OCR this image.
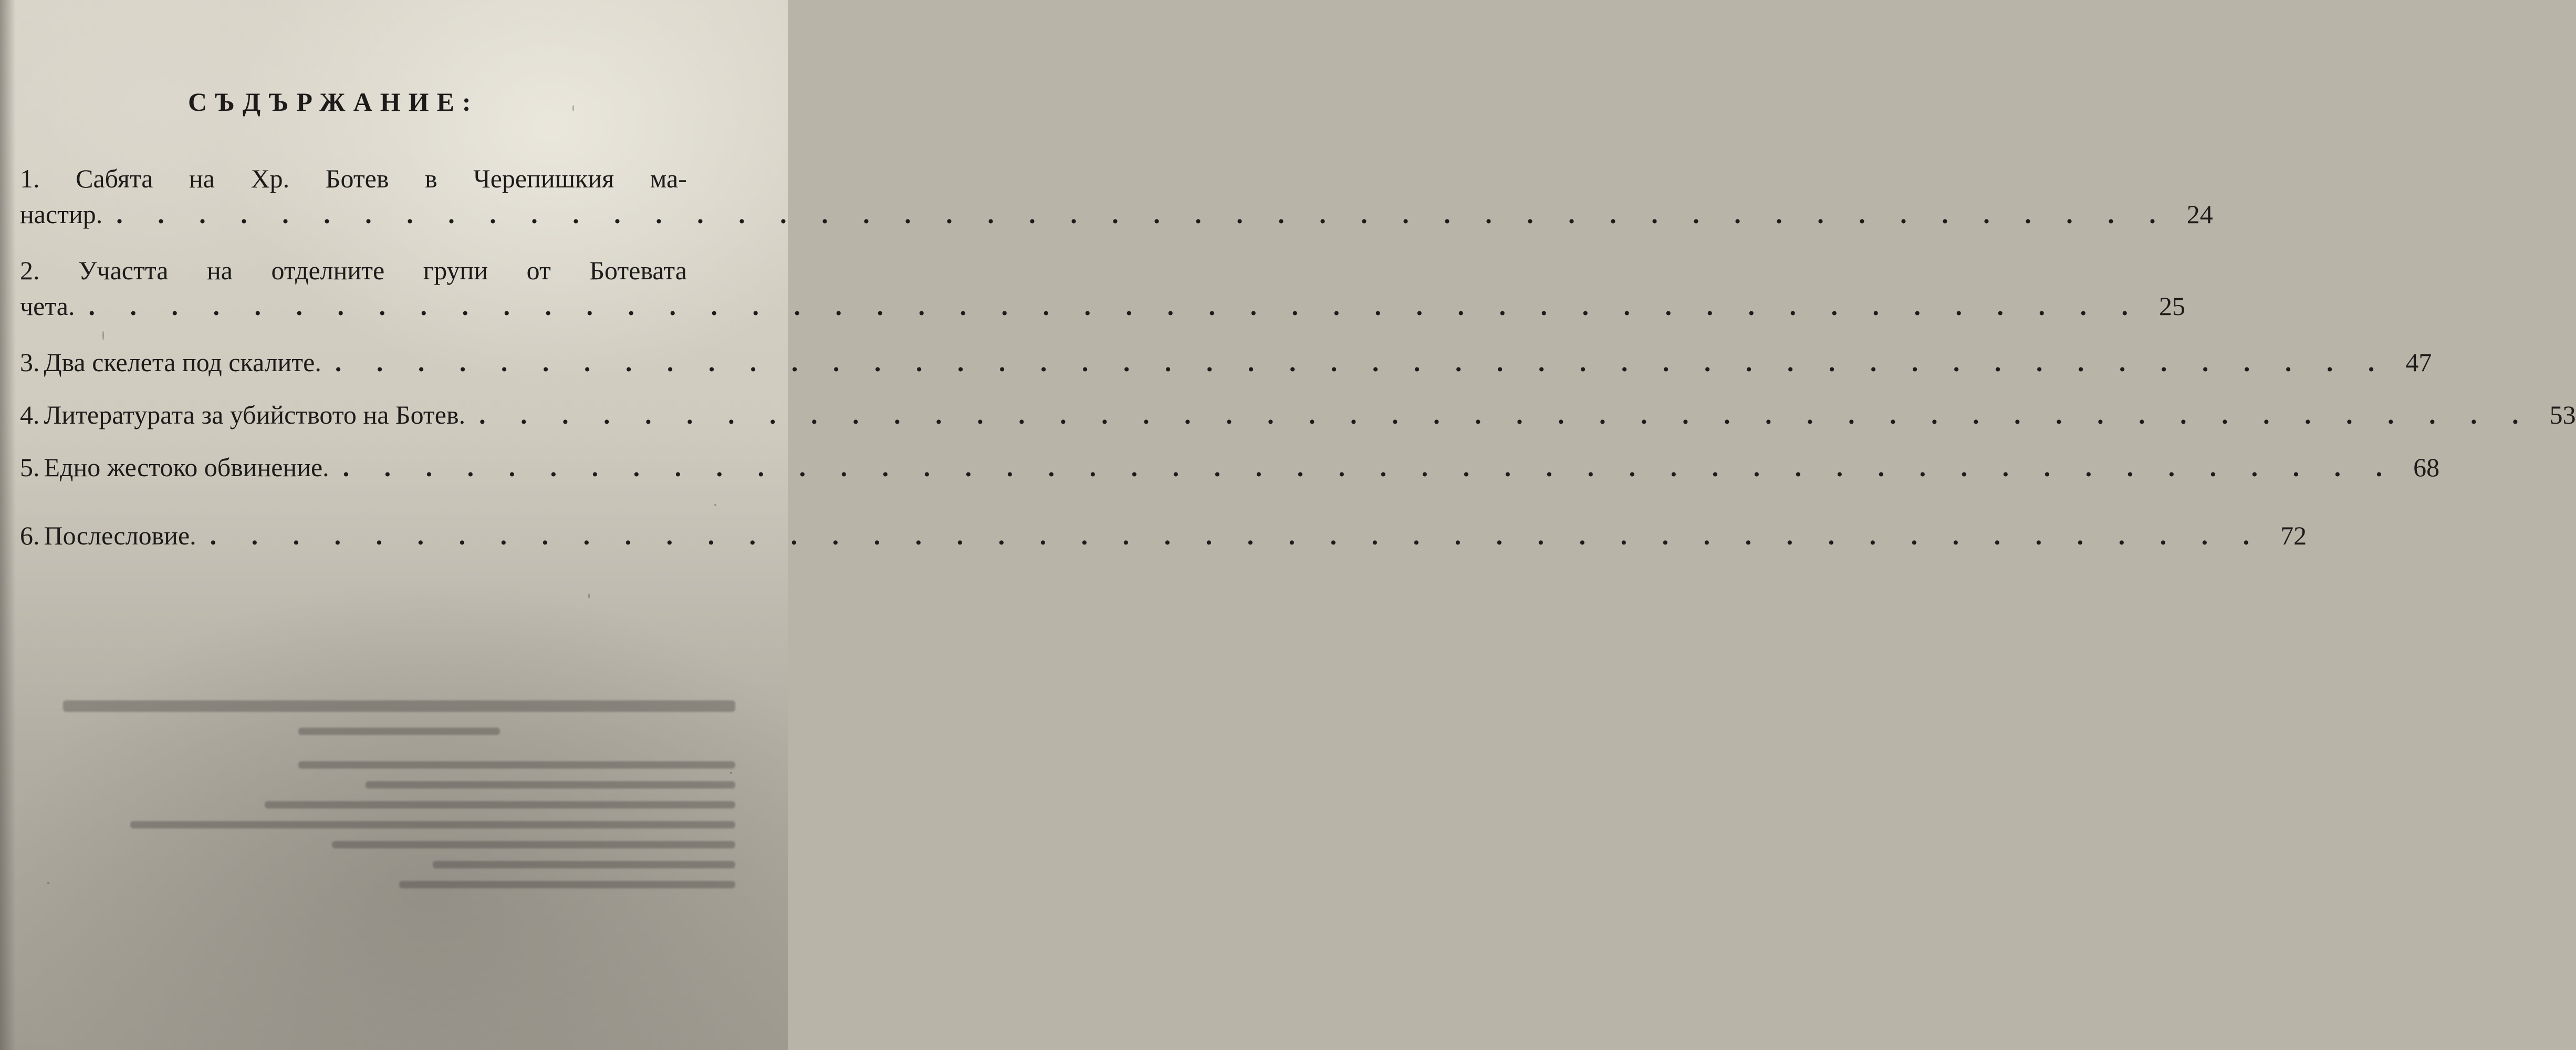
СЪДЪРЖАНИЕ:
1. Сабята на Хр. Ботев в Черепишкия ма-
настир. . . . . . . . . . . . . . . . . . . . . . . . . . . . . . . . . . . . . . . . . . . . . . . . . . . 24
2. Участта на отделните групи от Ботевата
чета. . . . . . . . . . . . . . . . . . . . . . . . . . . . . . . . . . . . . . . . . . . . . . . . . . . 25
3. Два скелета под скалите. . . . . . . . . . . . . . . . . . . . . . . . . . . . . . . . . . . . . . . . . . . . . . . . . . . 47
4. Литературата за убийството на Ботев. . . . . . . . . . . . . . . . . . . . . . . . . . . . . . . . . . . . . . . . . . . . . . . . . . . 53
5. Едно жестоко обвинение. . . . . . . . . . . . . . . . . . . . . . . . . . . . . . . . . . . . . . . . . . . . . . . . . . . 68
6. Послесловие. . . . . . . . . . . . . . . . . . . . . . . . . . . . . . . . . . . . . . . . . . . . . . . . . . . 72
